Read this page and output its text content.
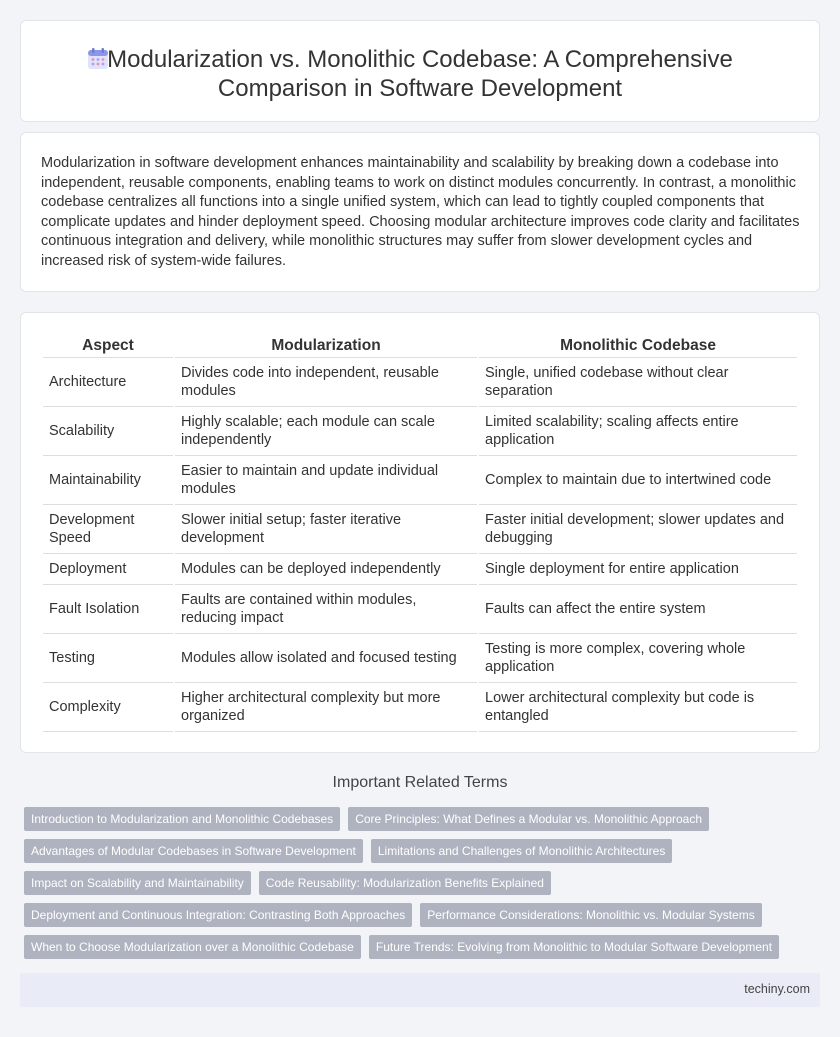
Modularization vs. Monolithic Codebase: A Comprehensive
Comparison in Software Development

Modularization in software development enhances maintainability and scalability by breaking down a codebase into independent, reusable components, enabling teams to work on distinct modules concurrently. In contrast, a monolithic codebase centralizes all functions into a single unified system, which can lead to tightly coupled components that complicate updates and hinder deployment speed. Choosing modular architecture improves code clarity and facilitates continuous integration and delivery, while monolithic structures may suffer from slower development cycles and increased risk of system-wide failures.

Aspect	Modularization	Monolithic Codebase
Architecture	Divides code into independent, reusable modules	Single, unified codebase without clear separation
Scalability	Highly scalable; each module can scale independently	Limited scalability; scaling affects entire application
Maintainability	Easier to maintain and update individual modules	Complex to maintain due to intertwined code
Development Speed	Slower initial setup; faster iterative development	Faster initial development; slower updates and debugging
Deployment	Modules can be deployed independently	Single deployment for entire application
Fault Isolation	Faults are contained within modules, reducing impact	Faults can affect the entire system
Testing	Modules allow isolated and focused testing	Testing is more complex, covering whole application
Complexity	Higher architectural complexity but more organized	Lower architectural complexity but code is entangled
Important Related Terms
Introduction to Modularization and Monolithic Codebases	Core Principles: What Defines a Modular vs. Monolithic Approach
Advantages of Modular Codebases in Software Development	Limitations and Challenges of Monolithic Architectures
Impact on Scalability and Maintainability	Code Reusability: Modularization Benefits Explained
Deployment and Continuous Integration: Contrasting Both Approaches	Performance Considerations: Monolithic vs. Modular Systems
When to Choose Modularization over a Monolithic Codebase	Future Trends: Evolving from Monolithic to Modular Software Development
techiny.com
